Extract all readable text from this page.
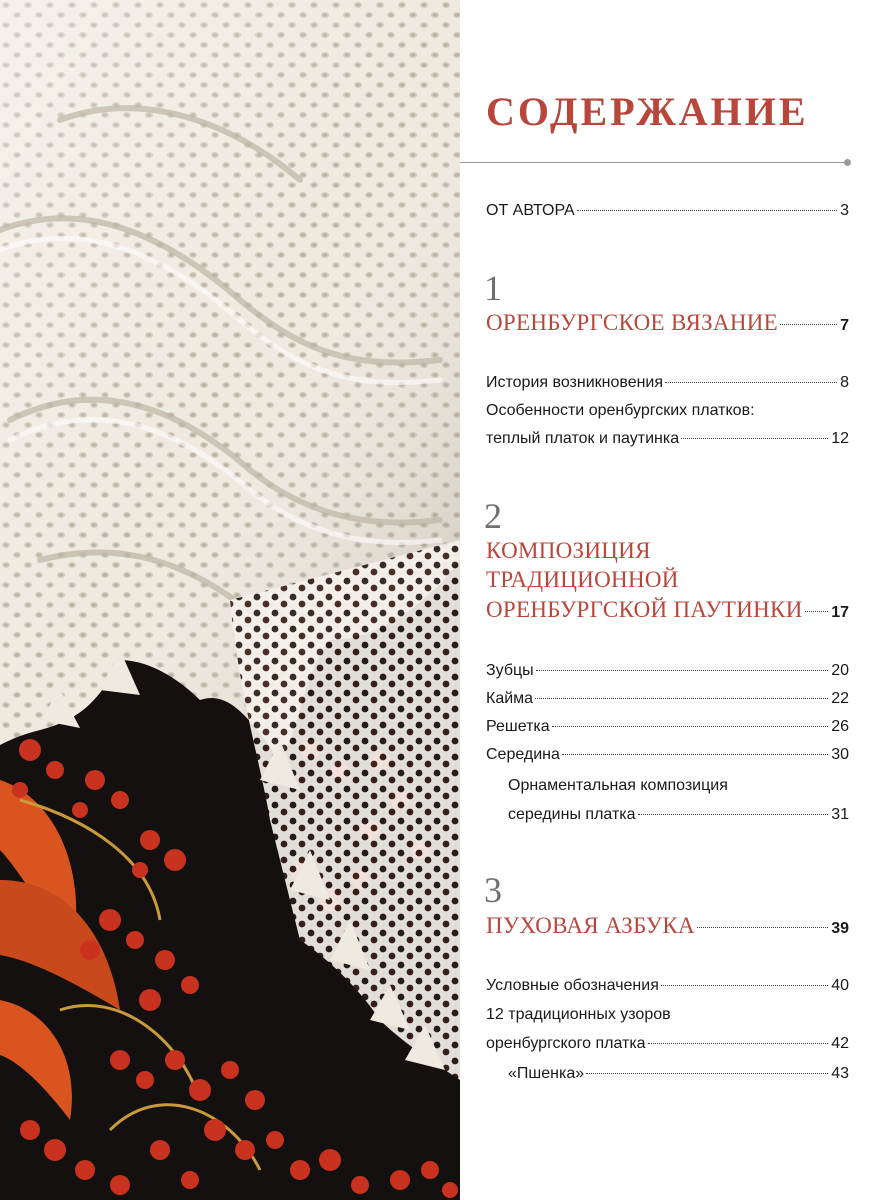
СОДЕРЖАНИЕ
ОТ АВТОРА	3
1
ОРЕНБУРГСКОЕ ВЯЗАНИЕ	7
История возникновения	8
Особенности оренбургских платков:
теплый платок и паутинка	12
2
КОМПОЗИЦИЯ
ТРАДИЦИОННОЙ
ОРЕНБУРГСКОЙ ПАУТИНКИ 17
Зубцы	20
Кайма	22
Решетка	26
Середина	30
Орнаментальная композиция
середины платка	31
3
ПУХОВАЯ АЗБУКА	39
Условные обозначения	40
12 традиционных узоров
оренбургского платка	42
«Пшенка»	43
